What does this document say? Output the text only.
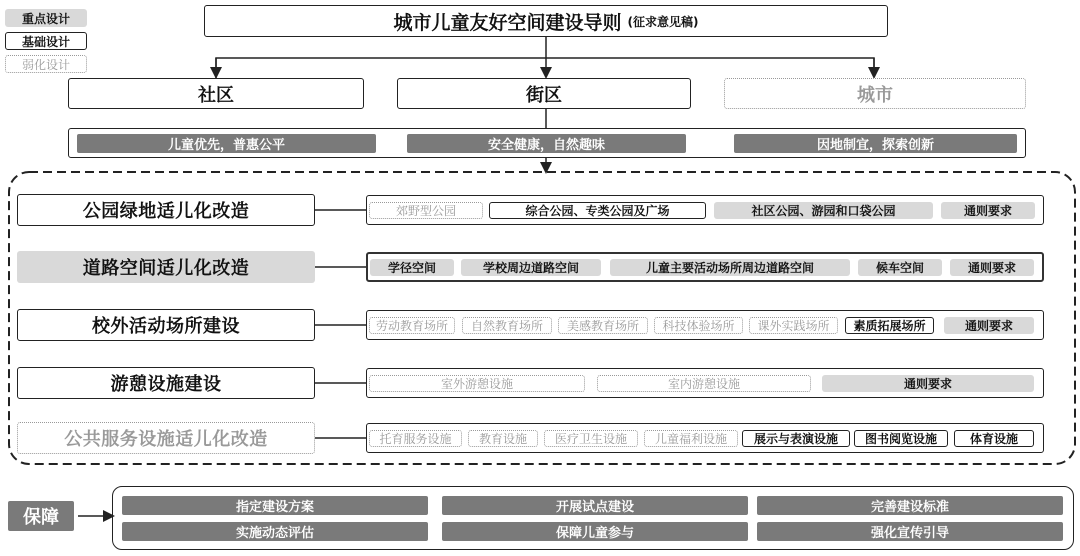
重点设计
基础设计
弱化设计
城市儿童友好空间建设导则 (征求意见稿)
社区	街区	城市
儿童优先，普惠公平	安全健康，自然趣味	因地制宜，探索创新
公园绿地适儿化改造
道路空间适儿化改造
校外活动场所建设
游憩设施建设
公共服务设施适儿化改造
郊野型公园	综合公园、专类公园及广场	社区公园、游园和口袋公园	通则要求
学径空间	学校周边道路空间	儿童主要活动场所周边道路空间	候车空间	通则要求
劳动教育场所	自然教育场所	美感教育场所	科技体验场所	课外实践场所	素质拓展场所	通则要求
室外游憩设施	室内游憩设施	通则要求
托育服务设施	教育设施	医疗卫生设施	儿童福利设施	展示与表演设施	图书阅览设施	体育设施
保障	指定建设方案	开展试点建设	完善建设标准
实施动态评估	保障儿童参与	强化宣传引导
